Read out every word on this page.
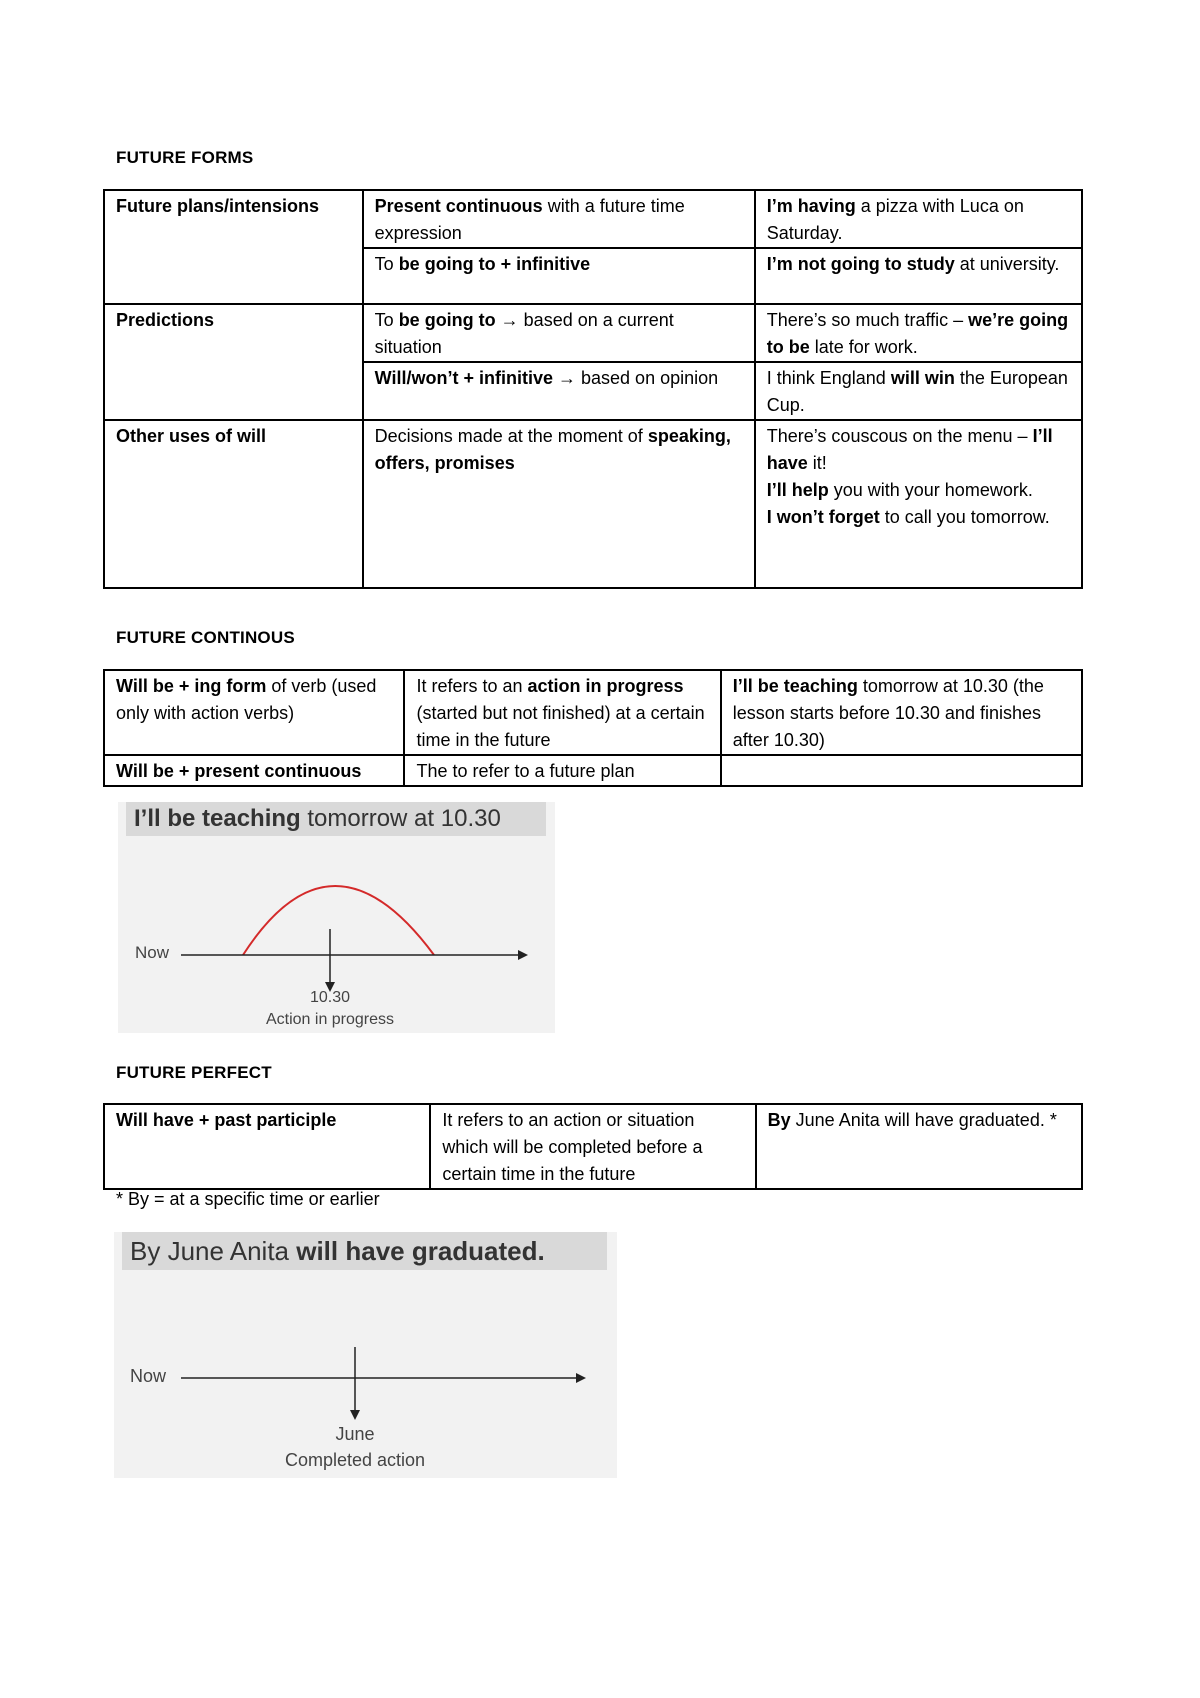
FUTURE FORMS
Future plans/intensions	Present continuous with a future time expression	I’m having a pizza with Luca on Saturday.
	To be going to + infinitive	I’m not going to study at university.
Predictions	To be going to → based on a current situation	There’s so much traffic – we’re going to be late for work.
	Will/won’t + infinitive → based on opinion	I think England will win the European Cup.
Other uses of will	Decisions made at the moment of speaking, offers, promises	There’s couscous on the menu – I’ll have it!
I’ll help you with your homework.
I won’t forget to call you tomorrow.
FUTURE CONTINOUS
Will be + ing form of verb (used only with action verbs)	It refers to an action in progress (started but not finished) at a certain time in the future	I’ll be teaching tomorrow at 10.30 (the lesson starts before 10.30 and finishes after 10.30)
Will be + present continuous	The to refer to a future plan	
I’ll be teaching tomorrow at 10.30
Now
10.30
Action in progress
FUTURE PERFECT
Will have + past participle	It refers to an action or situation which will be completed before a certain time in the future	By June Anita will have graduated. *
* By = at a specific time or earlier
By June Anita will have graduated.
Now
June
Completed action
